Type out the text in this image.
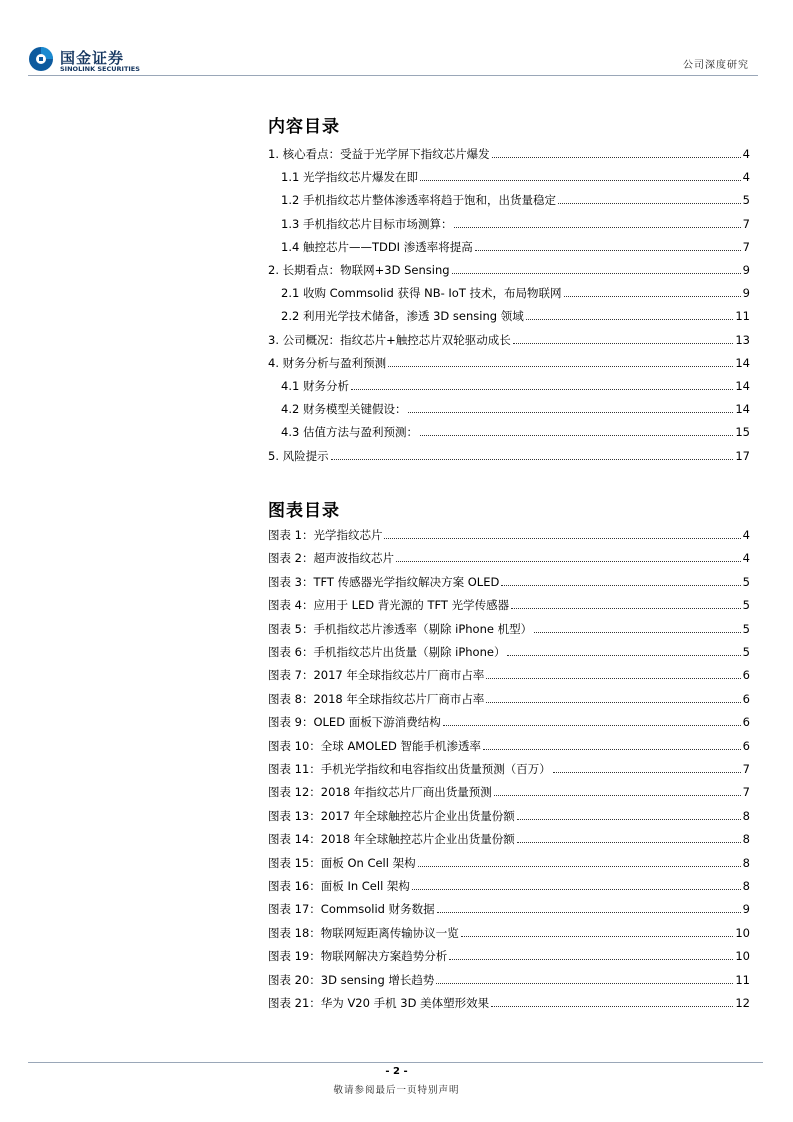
国金证券
SINOLINK SECURITIES	公司深度研究
内容目录
1. 核心看点：受益于光学屏下指纹芯片爆发	4
1.1 光学指纹芯片爆发在即	4
1.2 手机指纹芯片整体渗透率将趋于饱和，出货量稳定	5
1.3 手机指纹芯片目标市场测算：	7
1.4 触控芯片——TDDI 渗透率将提高	7
2. 长期看点：物联网+3D Sensing	9
2.1 收购 Commsolid 获得 NB- IoT 技术，布局物联网	9
2.2 利用光学技术储备，渗透 3D sensing 领域	11
3. 公司概况：指纹芯片+触控芯片双轮驱动成长	13
4. 财务分析与盈利预测	14
4.1 财务分析	14
4.2 财务模型关键假设：	14
4.3 估值方法与盈利预测：	15
5. 风险提示	17
图表目录
图表 1：光学指纹芯片	4
图表 2：超声波指纹芯片	4
图表 3：TFT 传感器光学指纹解决方案 OLED	5
图表 4：应用于 LED 背光源的 TFT 光学传感器	5
图表 5：手机指纹芯片渗透率（剔除 iPhone 机型）	5
图表 6：手机指纹芯片出货量（剔除 iPhone）	5
图表 7：2017 年全球指纹芯片厂商市占率	6
图表 8：2018 年全球指纹芯片厂商市占率	6
图表 9：OLED 面板下游消费结构	6
图表 10：全球 AMOLED 智能手机渗透率	6
图表 11：手机光学指纹和电容指纹出货量预测（百万）	7
图表 12：2018 年指纹芯片厂商出货量预测	7
图表 13：2017 年全球触控芯片企业出货量份额	8
图表 14：2018 年全球触控芯片企业出货量份额	8
图表 15：面板 On Cell 架构	8
图表 16：面板 In Cell 架构	8
图表 17：Commsolid 财务数据	9
图表 18：物联网短距离传输协议一览	10
图表 19：物联网解决方案趋势分析	10
图表 20：3D sensing 增长趋势	11
图表 21：华为 V20 手机 3D 美体塑形效果	12
- 2 -
敬请参阅最后一页特别声明
